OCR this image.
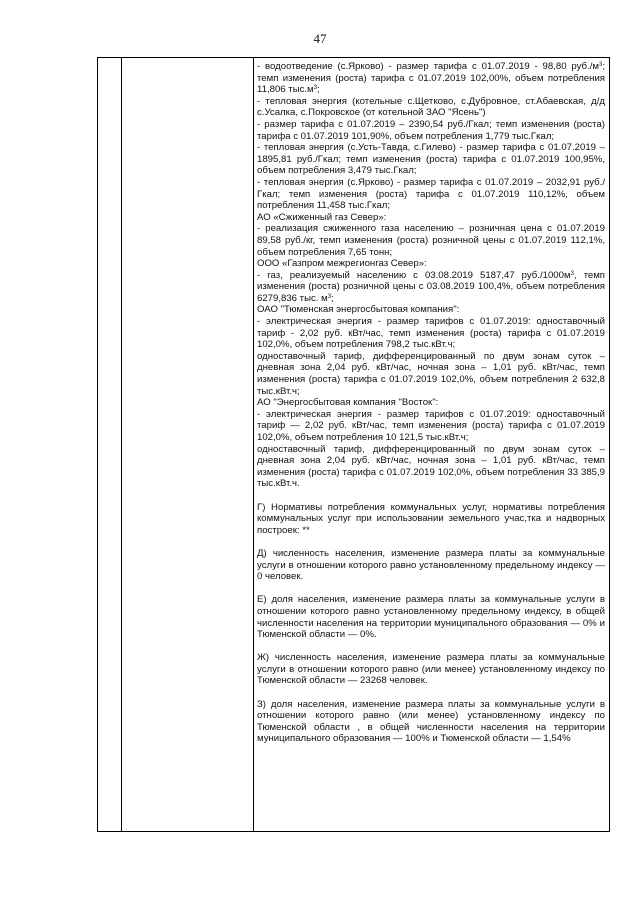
47

- водоотведение (с.Ярково) - размер тарифа с 01.07.2019 - 98,80 $руб./м^3$; темп изменения (роста) тарифа с 01.07.2019 102,00%, объем потребления 11,806 $тыс.м^3$;

- тепловая энергия (котельные с.Щетково, с.Дубровное, ст.Абаевская, д/д с.Усалка, с.Покровское (от котельной ЗАО "Ясень")

- размер тарифа с 01.07.2019 – 2390,54 руб./Гкал; темп изменения (роста) тарифа с 01.07.2019 101,90%, объем потребления 1,779 тыс.Гкал;

- тепловая энергия (с.Усть-Тавда, с.Гилево) - размер тарифа с 01.07.2019 – 1895,81 руб./Гкал; темп изменения (роста) тарифа с 01.07.2019 100,95%, объем потребления 3,479 тыс.Гкал;

- тепловая энергия (с.Ярково) - размер тарифа с 01.07.2019 – 2032,91 руб./Гкал; темп изменения (роста) тарифа с 01.07.2019 110,12%, объем потребления 11,458 тыс.Гкал;

АО «Сжиженный газ Север»:

- реализация сжиженного газа населению – розничная цена с 01.07.2019 89,58 руб./кг, темп изменения (роста) розничной цены с 01.07.2019 112,1%, объем потребления 7,65 тонн;

ООО «Газпром межрегионгаз Север»:

- газ, реализуемый населению с 03.08.2019 5187,47 $руб./1000м^3$, темп изменения (роста) розничной цены с 03.08.2019 100,4%, объем потребления 6279,836 тыс. $м^3$;

ОАО "Тюменская энергосбытовая компания":

- электрическая энергия - размер тарифов с 01.07.2019: одноставочный тариф - 2,02 руб. кВт/час, темп изменения (роста) тарифа с 01.07.2019 102,0%, объем потребления 798,2 тыс.кВт.ч;

одноставочный тариф, дифференцированный по двум зонам суток – дневная зона 2,04 руб. кВт/час, ночная зона – 1,01 руб. кВт/час, темп изменения (роста) тарифа с 01.07.2019 102,0%, объем потребления 2 632,8 тыс.кВт.ч;

АО "Энергосбытовая компания "Восток":

- электрическая энергия - размер тарифов с 01.07.2019: одноставочный тариф — 2,02 руб. кВт/час, темп изменения (роста) тарифа с 01.07.2019 102,0%, объем потребления 10 121,5 тыс.кВт.ч;

одноставочный тариф, дифференцированный по двум зонам суток – дневная зона 2,04 руб. кВт/час, ночная зона – 1,01 руб. кВт/час, темп изменения (роста) тарифа с 01.07.2019 102,0%, объем потребления 33 385,9 тыс.кВт.ч.

Г) Нормативы потребления коммунальных услуг, нормативы потребления коммунальных услуг при использовании земельного учас,тка и надворных построек: **

Д) численность населения, изменение размера платы за коммунальные услуги в отношении которого равно установленному предельному индексу — 0 человек.

Е) доля населения, изменение размера платы за коммунальные услуги в отношении которого равно установленному предельному индексу, в общей численности населения на территории муниципального образования — 0% и Тюменской области — 0%.

Ж) численность населения, изменение размера платы за коммунальные услуги в отношении которого равно (или менее) установленному индексу по Тюменской области — 23268 человек.

З) доля населения, изменение размера платы за коммунальные услуги в отношении которого равно (или менее) установленному индексу по Тюменской области , в общей численности населения на территории муниципального образования — 100% и Тюменской области — 1,54%
